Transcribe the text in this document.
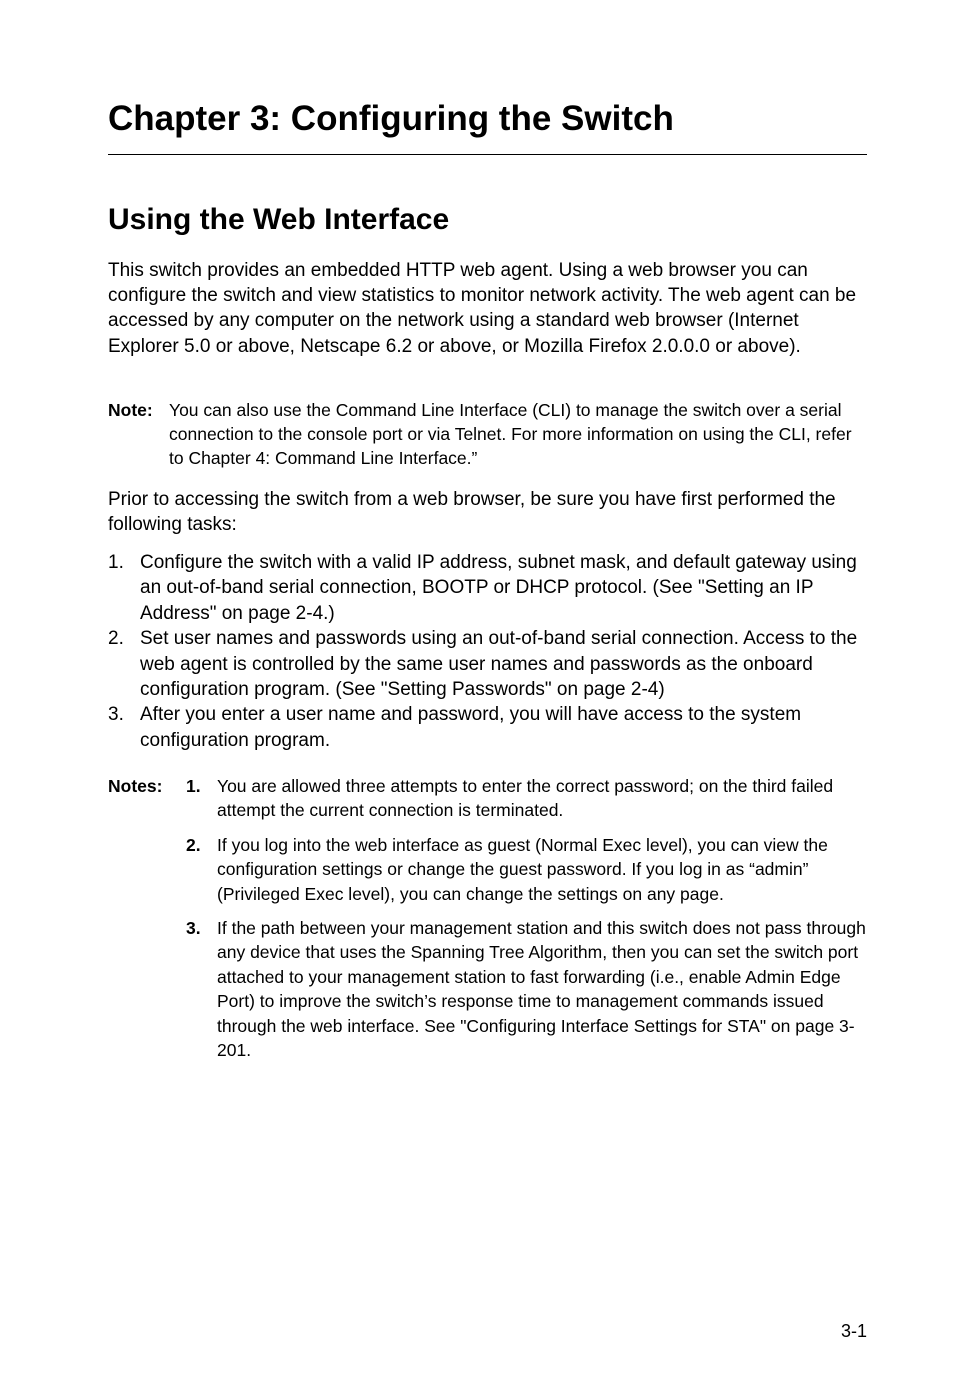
Chapter 3: Configuring the Switch
Using the Web Interface

This switch provides an embedded HTTP web agent. Using a web browser you can configure the switch and view statistics to monitor network activity. The web agent can be accessed by any computer on the network using a standard web browser (Internet Explorer 5.0 or above, Netscape 6.2 or above, or Mozilla Firefox 2.0.0.0 or above).

Note: You can also use the Command Line Interface (CLI) to manage the switch over a serial connection to the console port or via Telnet. For more information on using the CLI, refer to Chapter 4: Command Line Interface.”

Prior to accessing the switch from a web browser, be sure you have first performed the following tasks:

1. Configure the switch with a valid IP address, subnet mask, and default gateway using an out-of-band serial connection, BOOTP or DHCP protocol. (See "Setting an IP Address" on page 2-4.)
2. Set user names and passwords using an out-of-band serial connection. Access to the web agent is controlled by the same user names and passwords as the onboard configuration program. (See "Setting Passwords" on page 2-4)
3. After you enter a user name and password, you will have access to the system configuration program.
Notes: 1. You are allowed three attempts to enter the correct password; on the third failed attempt the current connection is terminated.

2. If you log into the web interface as guest (Normal Exec level), you can view the configuration settings or change the guest password. If you log in as “admin” (Privileged Exec level), you can change the settings on any page.

3. If the path between your management station and this switch does not pass through any device that uses the Spanning Tree Algorithm, then you can set the switch port attached to your management station to fast forwarding (i.e., enable Admin Edge Port) to improve the switch’s response time to management commands issued through the web interface. See "Configuring Interface Settings for STA" on page 3-201.

3-1
